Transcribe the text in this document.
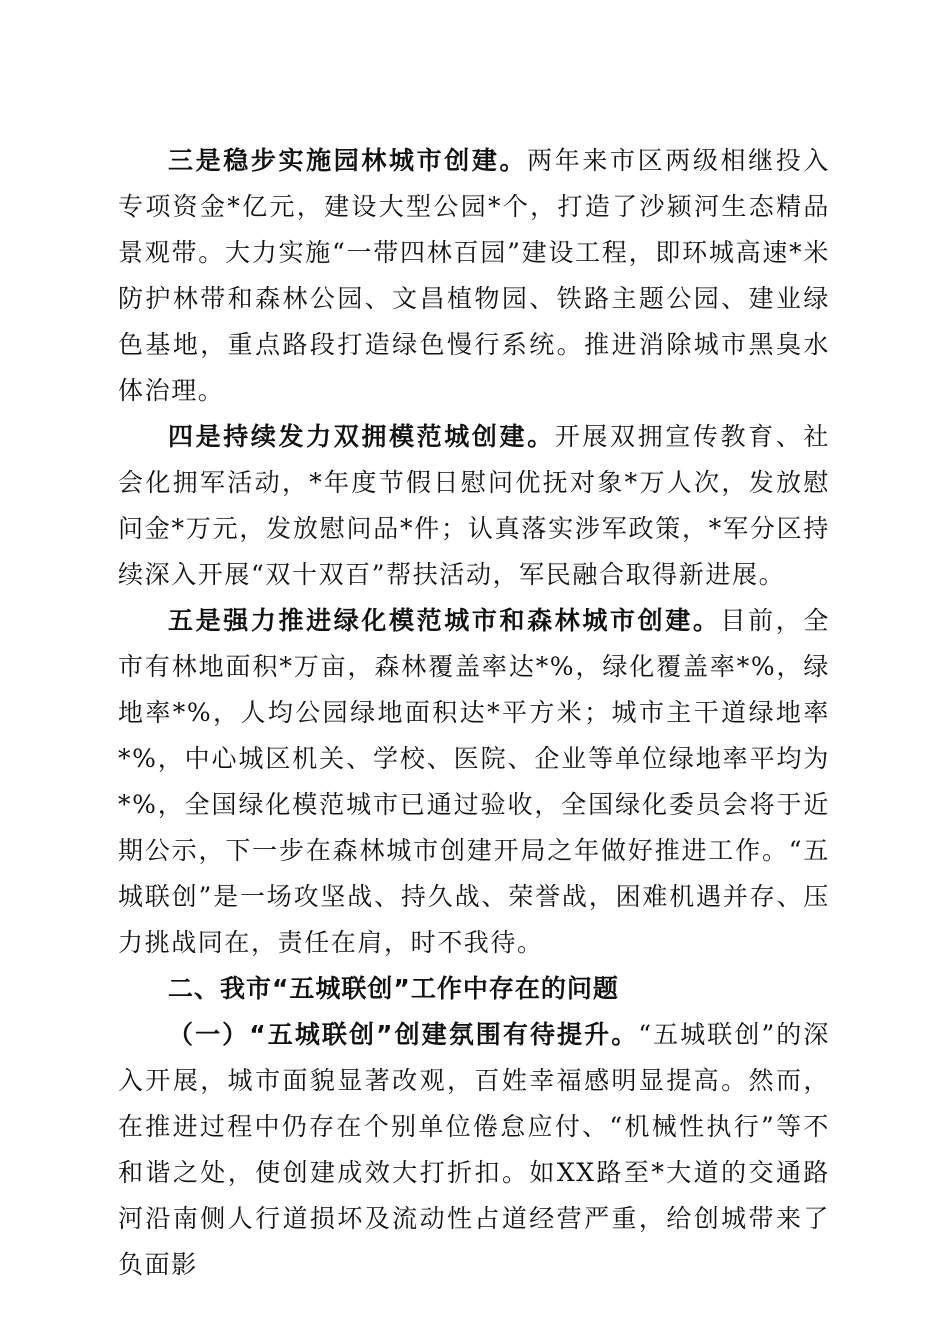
三是稳步实施园林城市创建。两年来市区两级相继投入专项资金*亿元，建设大型公园*个，打造了沙颍河生态精品景观带。大力实施“一带四林百园”建设工程，即环城高速*米防护林带和森林公园、文昌植物园、铁路主题公园、建业绿色基地，重点路段打造绿色慢行系统。推进消除城市黑臭水体治理。

四是持续发力双拥模范城创建。开展双拥宣传教育、社会化拥军活动，*年度节假日慰问优抚对象*万人次，发放慰问金*万元，发放慰问品*件；认真落实涉军政策，*军分区持续深入开展“双十双百”帮扶活动，军民融合取得新进展。

五是强力推进绿化模范城市和森林城市创建。目前，全市有林地面积*万亩，森林覆盖率达*%，绿化覆盖率*%，绿地率*%，人均公园绿地面积达*平方米；城市主干道绿地率*%，中心城区机关、学校、医院、企业等单位绿地率平均为*%，全国绿化模范城市已通过验收，全国绿化委员会将于近期公示，下一步在森林城市创建开局之年做好推进工作。“五城联创”是一场攻坚战、持久战、荣誉战，困难机遇并存、压力挑战同在，责任在肩，时不我待。

二、我市“五城联创”工作中存在的问题

（一）“五城联创”创建氛围有待提升。“五城联创”的深入开展，城市面貌显著改观，百姓幸福感明显提高。然而，在推进过程中仍存在个别单位倦怠应付、“机械性执行”等不和谐之处，使创建成效大打折扣。如XX路至*大道的交通路河沿南侧人行道损坏及流动性占道经营严重，给创城带来了负面影
